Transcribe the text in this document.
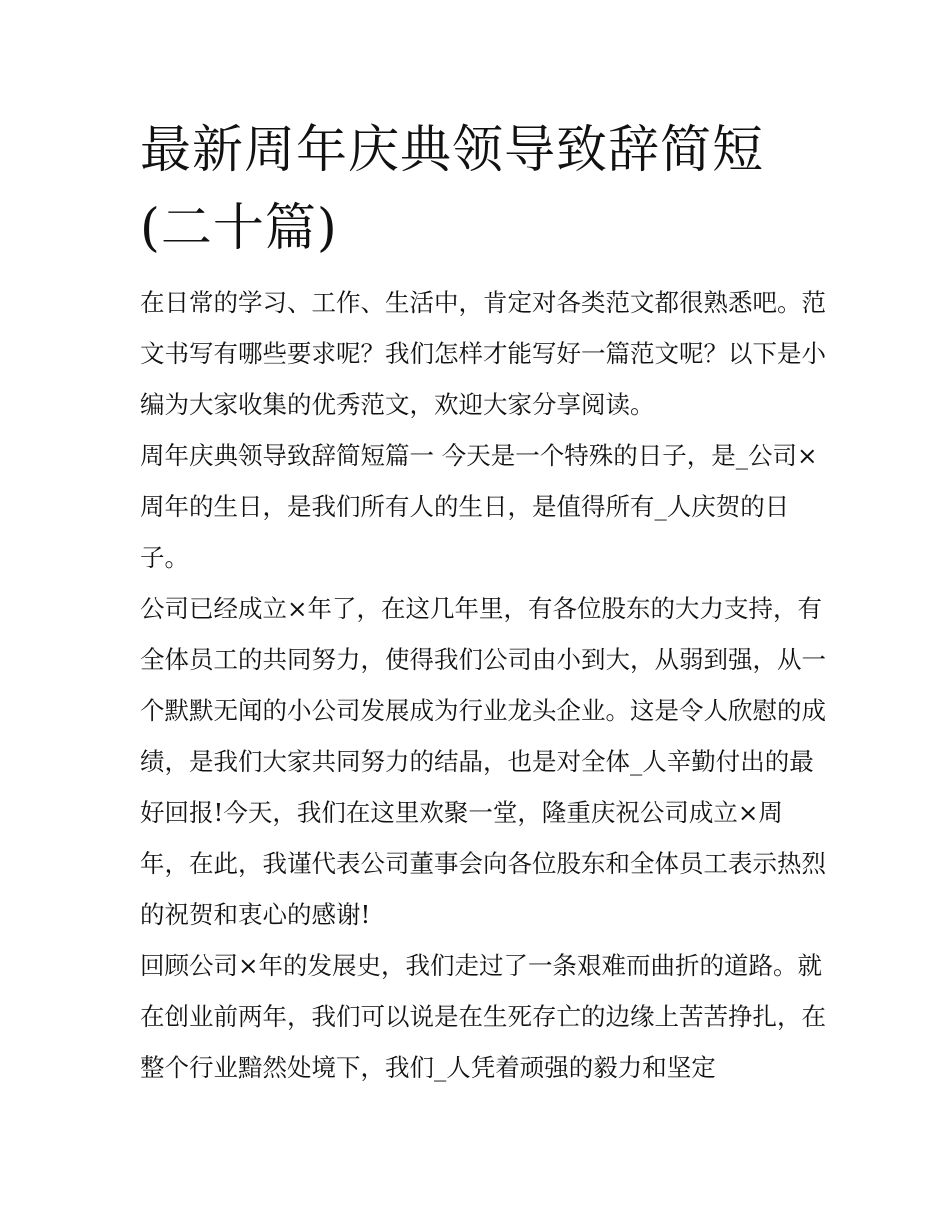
最新周年庆典领导致辞简短(二十篇)

在日常的学习、工作、生活中，肯定对各类范文都很熟悉吧。范文书写有哪些要求呢？我们怎样才能写好一篇范文呢？以下是小编为大家收集的优秀范文，欢迎大家分享阅读。

周年庆典领导致辞简短篇一 今天是一个特殊的日子，是_公司×周年的生日，是我们所有人的生日，是值得所有_人庆贺的日子。

公司已经成立×年了，在这几年里，有各位股东的大力支持，有全体员工的共同努力，使得我们公司由小到大，从弱到强，从一个默默无闻的小公司发展成为行业龙头企业。这是令人欣慰的成绩，是我们大家共同努力的结晶，也是对全体_人辛勤付出的最好回报!今天，我们在这里欢聚一堂，隆重庆祝公司成立×周年，在此，我谨代表公司董事会向各位股东和全体员工表示热烈的祝贺和衷心的感谢!

回顾公司×年的发展史，我们走过了一条艰难而曲折的道路。就在创业前两年，我们可以说是在生死存亡的边缘上苦苦挣扎，在整个行业黯然处境下，我们_人凭着顽强的毅力和坚定
